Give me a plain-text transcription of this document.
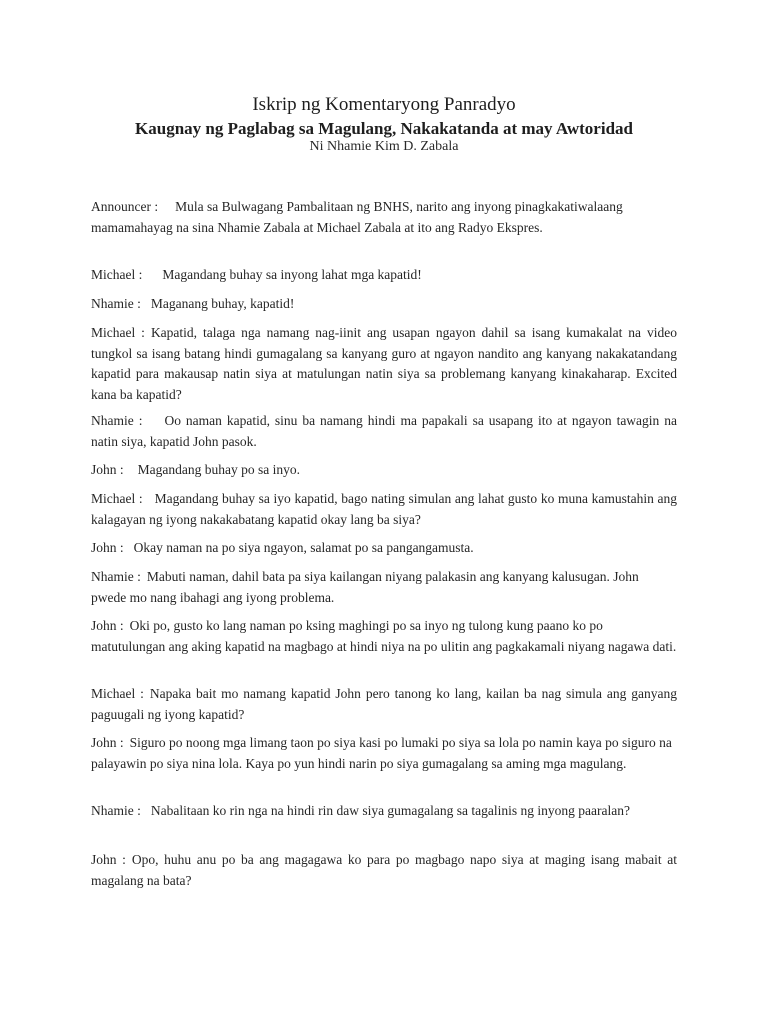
Iskrip ng Komentaryong Panradyo
Kaugnay ng Paglabag sa Magulang, Nakakatanda at may Awtoridad
Ni Nhamie Kim D. Zabala
Announcer : Mula sa Bulwagang Pambalitaan ng BNHS, narito ang inyong pinagkakatiwalaang mamamahayag na sina Nhamie Zabala at Michael Zabala at ito ang Radyo Ekspres.
Michael : Magandang buhay sa inyong lahat mga kapatid!
Nhamie : Maganang buhay, kapatid!
Michael : Kapatid, talaga nga namang nag-iinit ang usapan ngayon dahil sa isang kumakalat na video tungkol sa isang batang hindi gumagalang sa kanyang guro at ngayon nandito ang kanyang nakakatandang kapatid para makausap natin siya at matulungan natin siya sa problemang kanyang kinakaharap. Excited kana ba kapatid?
Nhamie : Oo naman kapatid, sinu ba namang hindi ma papakali sa usapang ito at ngayon tawagin na natin siya, kapatid John pasok.
John : Magandang buhay po sa inyo.
Michael : Magandang buhay sa iyo kapatid, bago nating simulan ang lahat gusto ko muna kamustahin ang kalagayan ng iyong nakakabatang kapatid okay lang ba siya?
John : Okay naman na po siya ngayon, salamat po sa pangangamusta.
Nhamie : Mabuti naman, dahil bata pa siya kailangan niyang palakasin ang kanyang kalusugan. John pwede mo nang ibahagi ang iyong problema.
John : Oki po, gusto ko lang naman po ksing maghingi po sa inyo ng tulong kung paano ko po matutulungan ang aking kapatid na magbago at hindi niya na po ulitin ang pagkakamali niyang nagawa dati.
Michael : Napaka bait mo namang kapatid John pero tanong ko lang, kailan ba nag simula ang ganyang paguugali ng iyong kapatid?
John : Siguro po noong mga limang taon po siya kasi po lumaki po siya sa lola po namin kaya po siguro na palayawin po siya nina lola. Kaya po yun hindi narin po siya gumagalang sa aming mga magulang.
Nhamie : Nabalitaan ko rin nga na hindi rin daw siya gumagalang sa tagalinis ng inyong paaralan?
John : Opo, huhu anu po ba ang magagawa ko para po magbago napo siya at maging isang mabait at magalang na bata?
